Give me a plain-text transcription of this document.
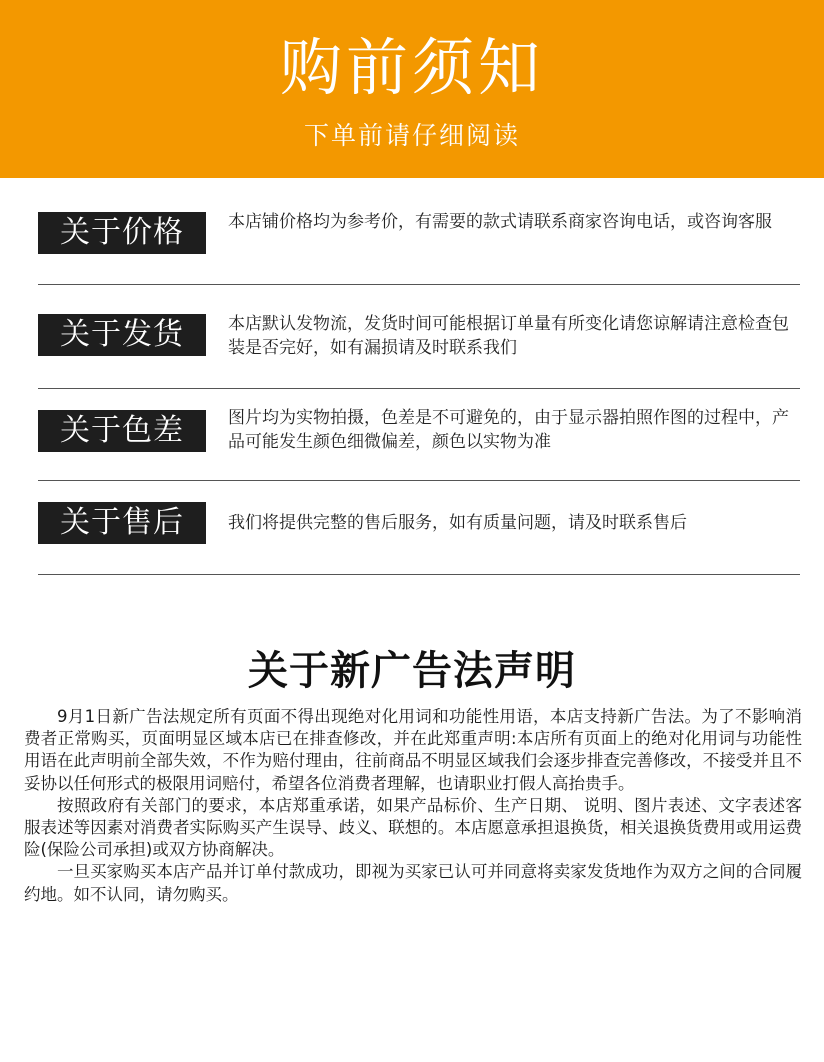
购前须知
下单前请仔细阅读
关于价格	本店铺价格均为参考价，有需要的款式请联系商家咨询电话，或咨询客服
关于发货	本店默认发物流，发货时间可能根据订单量有所变化请您谅解请注意检查包装是否完好，如有漏损请及时联系我们
关于色差	图片均为实物拍摄，色差是不可避免的，由于显示器拍照作图的过程中，产品可能发生颜色细微偏差，颜色以实物为准
关于售后	我们将提供完整的售后服务，如有质量问题，请及时联系售后
关于新广告法声明

9月1日新广告法规定所有页面不得出现绝对化用词和功能性用语，本店支持新广告法。为了不影响消费者正常购买，页面明显区域本店已在排查修改，并在此郑重声明:本店所有页面上的绝对化用词与功能性用语在此声明前全部失效，不作为赔付理由，往前商品不明显区域我们会逐步排查完善修改，不接受并且不妥协以任何形式的极限用词赔付，希望各位消费者理解，也请职业打假人高抬贵手。

按照政府有关部门的要求，本店郑重承诺，如果产品标价、生产日期、 说明、图片表述、文字表述客服表述等因素对消费者实际购买产生误导、歧义、联想的。本店愿意承担退换货，相关退换货费用或用运费险(保险公司承担)或双方协商解决。

一旦买家购买本店产品并订单付款成功，即视为买家已认可并同意将卖家发货地作为双方之间的合同履约地。如不认同，请勿购买。
